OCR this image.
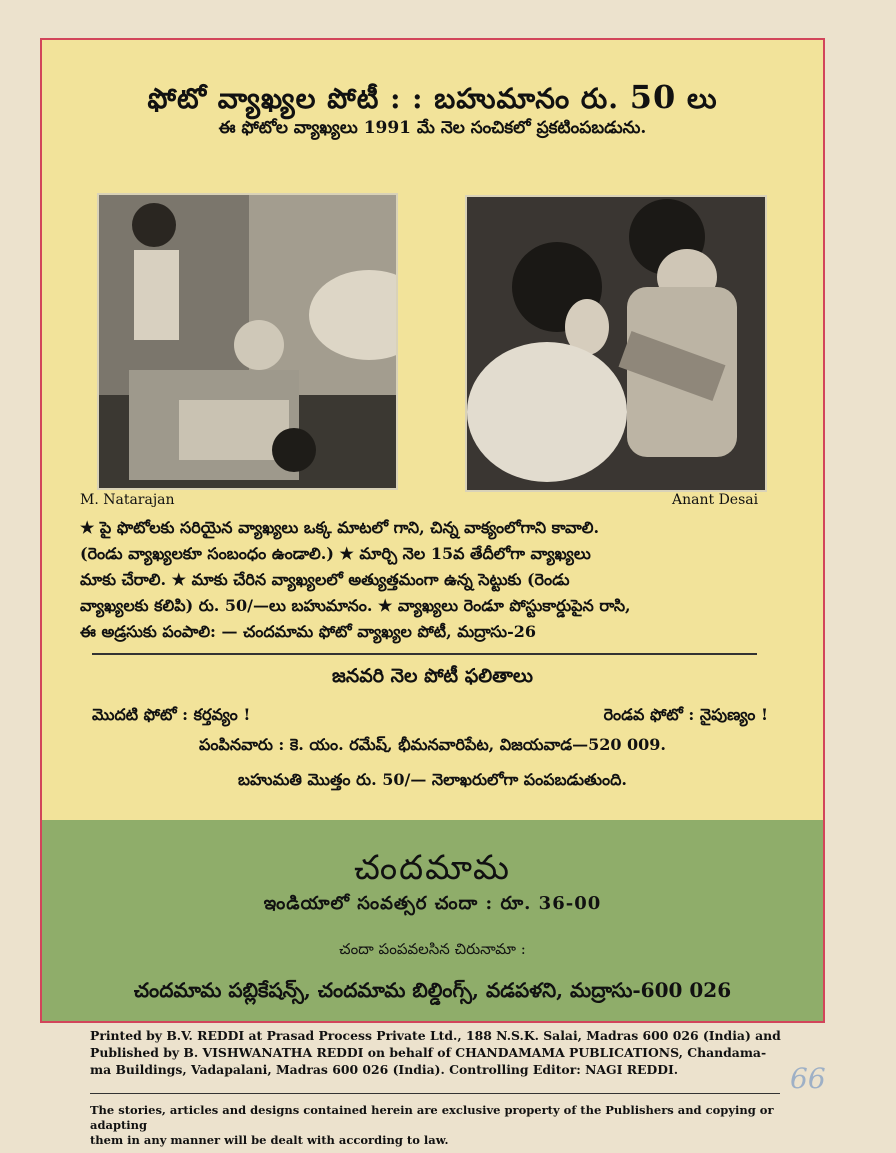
ఫోటో వ్యాఖ్యల పోటీ : : బహుమానం రు. 50 లు
ఈ ఫోటోల వ్యాఖ్యలు 1991 మే నెల సంచికలో ప్రకటింపబడును.
M. Natarajan	Anant Desai

★ పై ఫొటోలకు సరియైన వ్యాఖ్యలు ఒక్క మాటలో గాని, చిన్న వాక్యంలోగాని కావాలి.

(రెండు వ్యాఖ్యలకూ సంబంధం ఉండాలి.) ★ మార్చి నెల 15వ తేదీలోగా వ్యాఖ్యలు

మాకు చేరాలి. ★ మాకు చేరిన వ్యాఖ్యలలో అత్యుత్తమంగా ఉన్న సెట్టుకు (రెండు

వ్యాఖ్యలకు కలిపి) రు. 50/—లు బహుమానం. ★ వ్యాఖ్యలు రెండూ పోస్టుకార్డుపైన రాసి,

ఈ అడ్రసుకు పంపాలి: — చందమామ ఫోటో వ్యాఖ్యల పోటీ, మద్రాసు-26

జనవరి నెల పోటీ ఫలితాలు
మొదటి ఫోటో : కర్తవ్యం !	రెండవ ఫోటో : నైపుణ్యం !
పంపినవారు : కె. యం. రమేష్, భీమనవారిపేట, విజయవాడ—520 009.
బహుమతి మొత్తం రు. 50/— నెలాఖరులోగా పంపబడుతుంది.
చందమామ
ఇండియాలో సంవత్సర చందా : రూ. 36-00
చందా పంపవలసిన చిరునామా :
చందమామ పబ్లికేషన్స్, చందమామ బిల్డింగ్స్, వడపళని, మద్రాసు-600 026

Printed by B.V. REDDI at Prasad Process Private Ltd., 188 N.S.K. Salai, Madras 600 026 (India) and

Published by B. VISHWANATHA REDDI on behalf of CHANDAMAMA PUBLICATIONS, Chandama-

ma Buildings, Vadapalani, Madras 600 026 (India). Controlling Editor: NAGI REDDI.	66
The stories, articles and designs contained herein are exclusive property of the Publishers and copying or adapting
them in any manner will be dealt with according to law.
